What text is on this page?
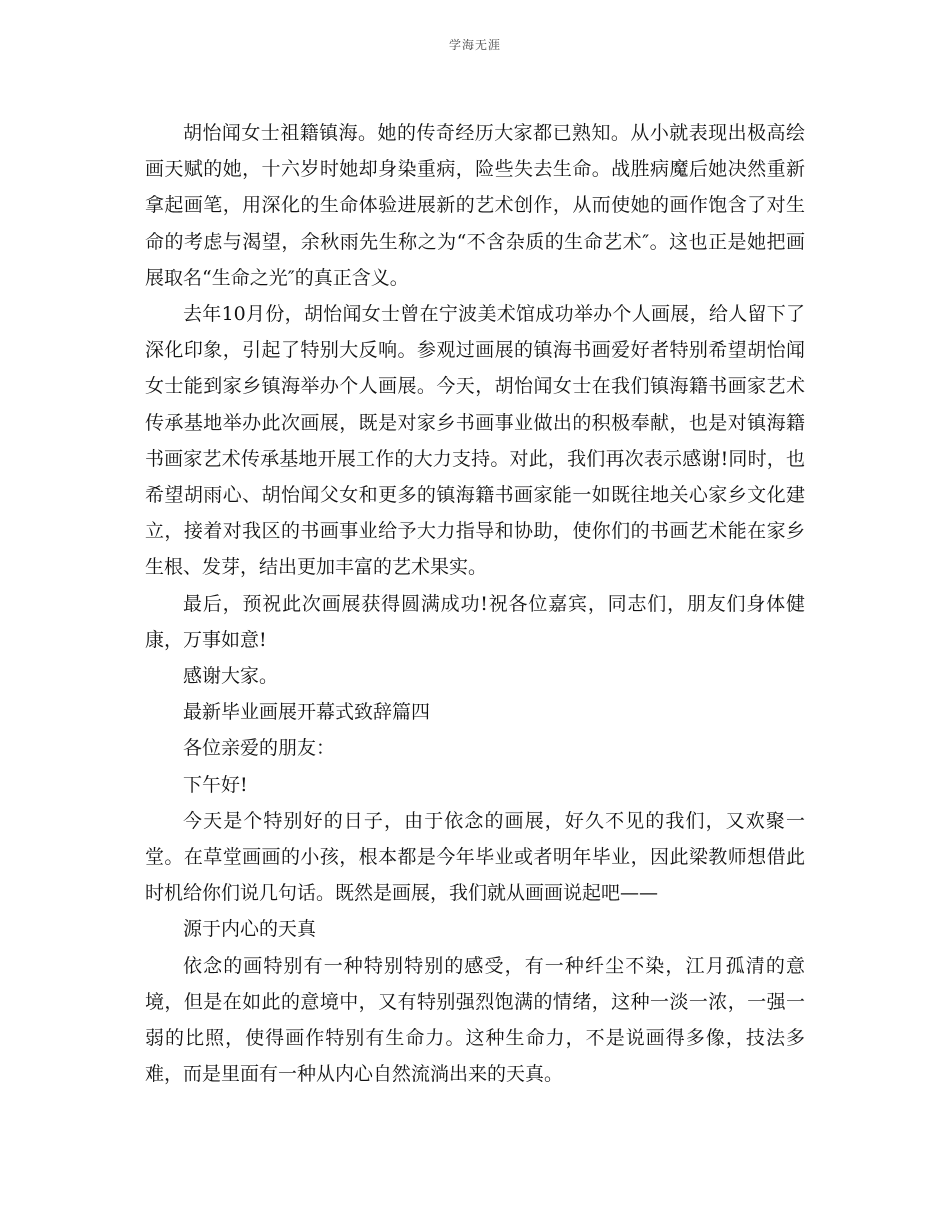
学海无涯

胡怡闻女士祖籍镇海。她的传奇经历大家都已熟知。从小就表现出极高绘画天赋的她，十六岁时她却身染重病，险些失去生命。战胜病魔后她决然重新拿起画笔，用深化的生命体验进展新的艺术创作，从而使她的画作饱含了对生命的考虑与渴望，余秋雨先生称之为“不含杂质的生命艺术″。这也正是她把画展取名“生命之光″的真正含义。

去年10月份，胡怡闻女士曾在宁波美术馆成功举办个人画展，给人留下了深化印象，引起了特别大反响。参观过画展的镇海书画爱好者特别希望胡怡闻女士能到家乡镇海举办个人画展。今天，胡怡闻女士在我们镇海籍书画家艺术传承基地举办此次画展，既是对家乡书画事业做出的积极奉献，也是对镇海籍书画家艺术传承基地开展工作的大力支持。对此，我们再次表示感谢!同时，也希望胡雨心、胡怡闻父女和更多的镇海籍书画家能一如既往地关心家乡文化建立，接着对我区的书画事业给予大力指导和协助，使你们的书画艺术能在家乡生根、发芽，结出更加丰富的艺术果实。

最后，预祝此次画展获得圆满成功!祝各位嘉宾，同志们，朋友们身体健康，万事如意!

感谢大家。

最新毕业画展开幕式致辞篇四

各位亲爱的朋友：

下午好!

今天是个特别好的日子，由于依念的画展，好久不见的我们，又欢聚一堂。在草堂画画的小孩，根本都是今年毕业或者明年毕业，因此梁教师想借此时机给你们说几句话。既然是画展，我们就从画画说起吧——

源于内心的天真

依念的画特别有一种特别特别的感受，有一种纤尘不染，江月孤清的意境，但是在如此的意境中，又有特别强烈饱满的情绪，这种一淡一浓，一强一弱的比照，使得画作特别有生命力。这种生命力，不是说画得多像，技法多难，而是里面有一种从内心自然流淌出来的天真。
